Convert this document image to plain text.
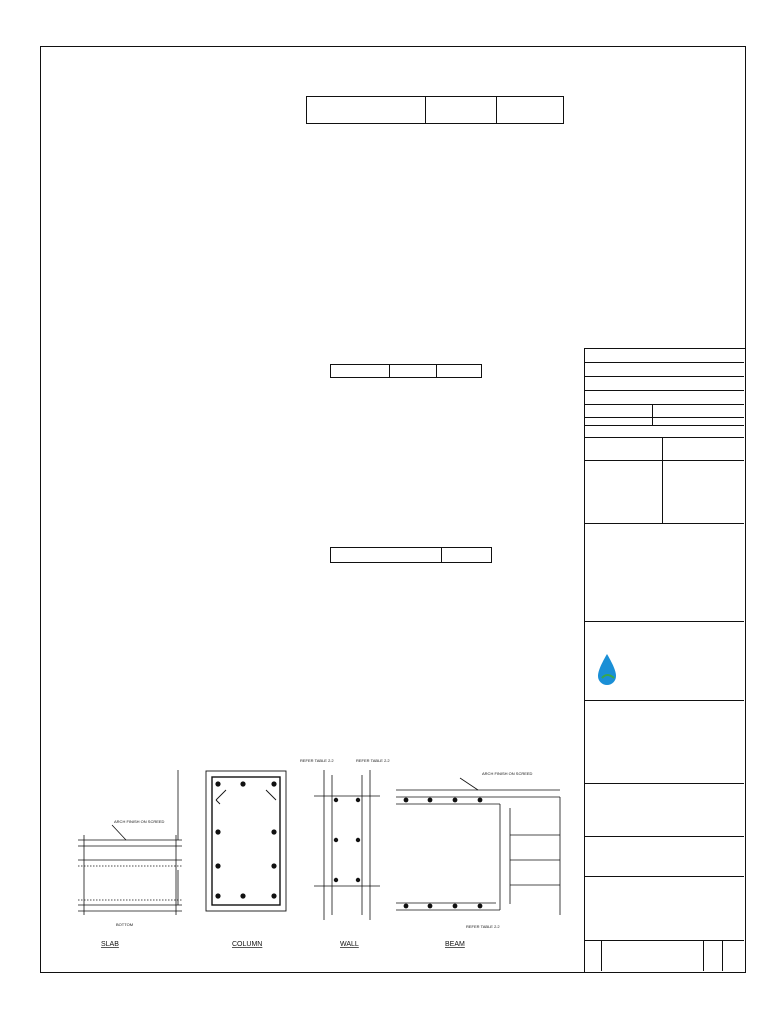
ARCH FINISH ON SCREED
BOTTOM
SLAB	COLUMN	WALL
ARCH FINISH ON SCREED
REFER TABLE 2.2
BEAM
REFER TABLE 2.2	REFER TABLE 2.2
